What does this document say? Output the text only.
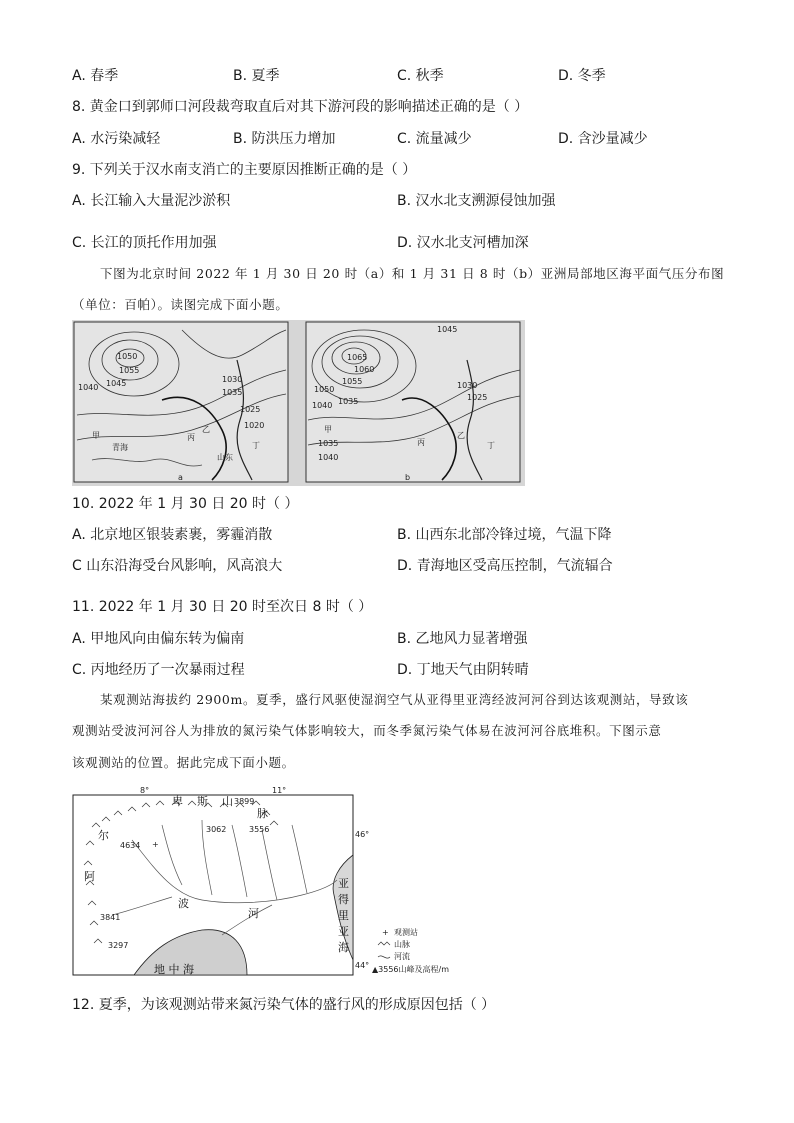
A. 春季	B. 夏季	C. 秋季	D. 冬季
8. 黄金口到郭师口河段裁弯取直后对其下游河段的影响描述正确的是（ ）
A. 水污染减轻	B. 防洪压力增加	C. 流量减少	D. 含沙量减少
9. 下列关于汉水南支消亡的主要原因推断正确的是（ ）
A. 长江输入大量泥沙淤积	B. 汉水北支溯源侵蚀加强
C. 长江的顶托作用加强	D. 汉水北支河槽加深
下图为北京时间 2022 年 1 月 30 日 20 时（a）和 1 月 31 日 8 时（b）亚洲局部地区海平面气压分布图
（单位：百帕）。读图完成下面小题。
1050
1055
1040 1045	1030
1035
1025
1020
甲
青海
乙
山东
丙
丁
a
1045
1065
1060
1055
1050
1040 1035
1030
1025
甲
乙
丙	丁
1035
1040
b
10. 2022 年 1 月 30 日 20 时（ ）
A. 北京地区银装素裹，雾霾消散	B. 山西东北部冷锋过境，气温下降
C 山东沿海受台风影响，风高浪大	D. 青海地区受高压控制，气流辐合
11. 2022 年 1 月 30 日 20 时至次日 8 时（ ）
A. 甲地风向由偏东转为偏南	B. 乙地风力显著增强
C. 丙地经历了一次暴雨过程	D. 丁地天气由阴转晴
某观测站海拔约 2900m。夏季，盛行风驱使湿润空气从亚得里亚湾经波河河谷到达该观测站，导致该
观测站受波河河谷人为排放的氮污染气体影响较大，而冬季氮污染气体易在波河河谷底堆积。下图示意
该观测站的位置。据此完成下面小题。
8°	11°
46°
44°
3899
3062	3556
4634
3841
3297
+
卑 斯 山
脉
尔
阿
波
河
亚
得
里
亚
海
地 中 海
+ 观测站
山脉
河流
▲3556山峰及高程/m
12. 夏季，为该观测站带来氮污染气体的盛行风的形成原因包括（ ）
